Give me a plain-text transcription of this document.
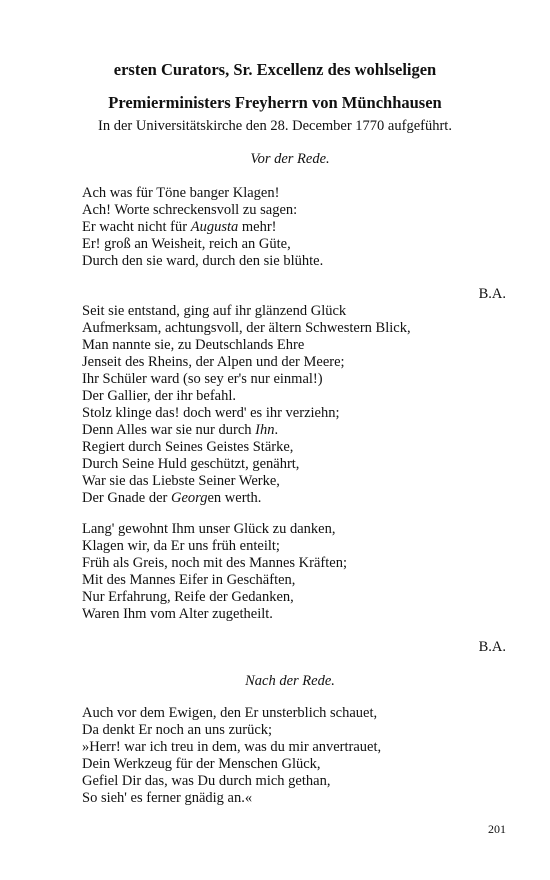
ersten Curators, Sr. Excellenz des wohlseligen
Premierministers Freyherrn von Münchhausen
In der Universitätskirche den 28. December 1770 aufgeführt.
Vor der Rede.
Ach was für Töne banger Klagen!
Ach! Worte schreckensvoll zu sagen:
Er wacht nicht für Augusta mehr!
Er! groß an Weisheit, reich an Güte,
Durch den sie ward, durch den sie blühte.
B.A.
Seit sie entstand, ging auf ihr glänzend Glück
Aufmerksam, achtungsvoll, der ältern Schwestern Blick,
Man nannte sie, zu Deutschlands Ehre
Jenseit des Rheins, der Alpen und der Meere;
Ihr Schüler ward (so sey er's nur einmal!)
Der Gallier, der ihr befahl.
Stolz klinge das! doch werd' es ihr verziehn;
Denn Alles war sie nur durch Ihn.
Regiert durch Seines Geistes Stärke,
Durch Seine Huld geschützt, genährt,
War sie das Liebste Seiner Werke,
Der Gnade der Georgen werth.
Lang' gewohnt Ihm unser Glück zu danken,
Klagen wir, da Er uns früh enteilt;
Früh als Greis, noch mit des Mannes Kräften;
Mit des Mannes Eifer in Geschäften,
Nur Erfahrung, Reife der Gedanken,
Waren Ihm vom Alter zugetheilt.
B.A.
Nach der Rede.
Auch vor dem Ewigen, den Er unsterblich schauet,
Da denkt Er noch an uns zurück;
»Herr! war ich treu in dem, was du mir anvertrauet,
Dein Werkzeug für der Menschen Glück,
Gefiel Dir das, was Du durch mich gethan,
So sieh' es ferner gnädig an.«
201
